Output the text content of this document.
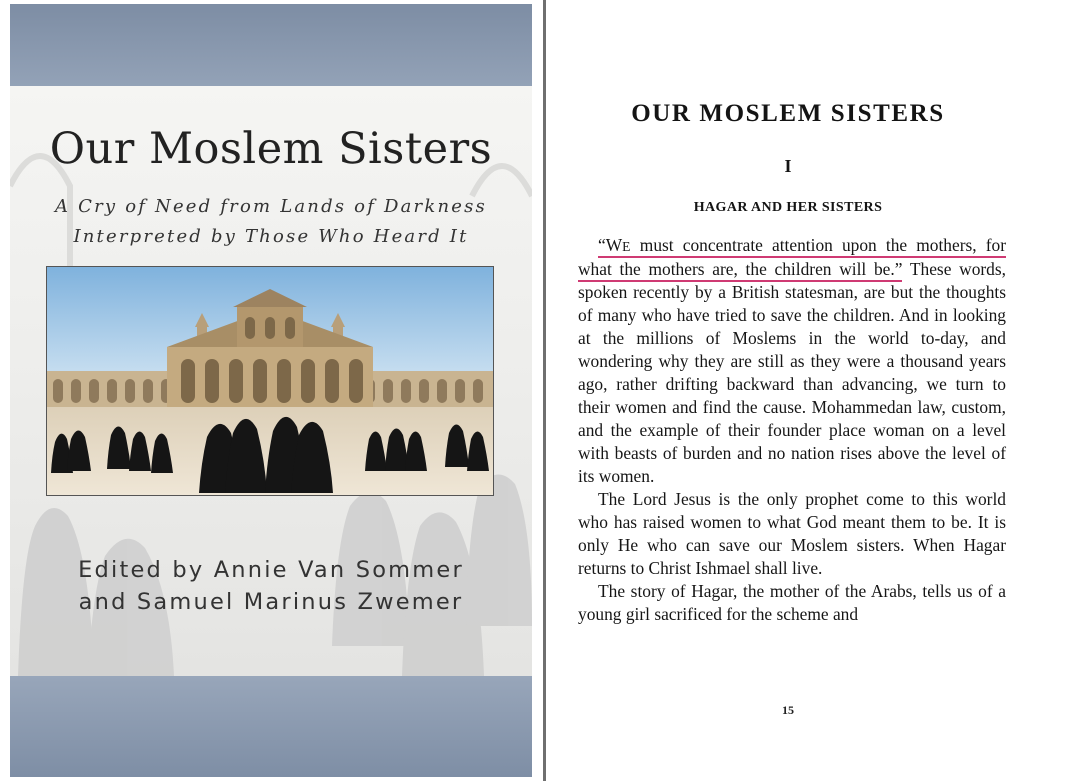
Our Moslem Sisters
A Cry of Need from Lands of Darkness
Interpreted by Those Who Heard It
Edited by Annie Van Sommer
and Samuel Marinus Zwemer
OUR MOSLEM SISTERS
I
HAGAR AND HER SISTERS

“WE must concentrate attention upon the mothers, for what the mothers are, the children will be.” These words, spoken recently by a British statesman, are but the thoughts of many who have tried to save the children. And in looking at the millions of Moslems in the world to-day, and wondering why they are still as they were a thousand years ago, rather drifting backward than advancing, we turn to their women and find the cause. Mohammedan law, custom, and the example of their founder place woman on a level with beasts of burden and no nation rises above the level of its women.

The Lord Jesus is the only prophet come to this world who has raised women to what God meant them to be. It is only He who can save our Moslem sisters. When Hagar returns to Christ Ishmael shall live.

The story of Hagar, the mother of the Arabs, tells us of a young girl sacrificed for the scheme and

15
